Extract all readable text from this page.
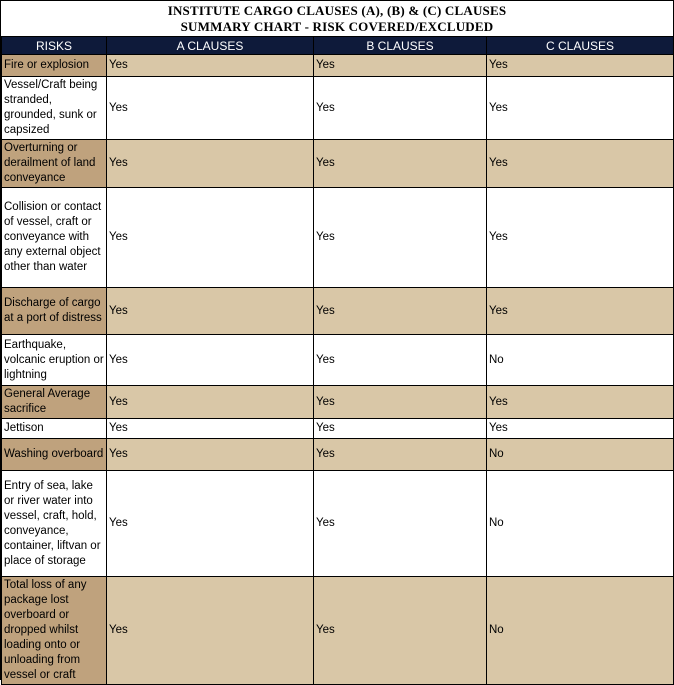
INSTITUTE CARGO CLAUSES (A), (B) & (C) CLAUSES
SUMMARY CHART - RISK COVERED/EXCLUDED
RISKS	A CLAUSES	B CLAUSES	C CLAUSES
Fire or explosion	Yes	Yes	Yes
Vessel/Craft being stranded, grounded, sunk or capsized	Yes	Yes	Yes
Overturning or derailment of land conveyance	Yes	Yes	Yes
Collision or contact of vessel, craft or conveyance with any external object other than water	Yes	Yes	Yes
Discharge of cargo at a port of distress	Yes	Yes	Yes
Earthquake, volcanic eruption or lightning	Yes	Yes	No
General Average sacrifice	Yes	Yes	Yes
Jettison	Yes	Yes	Yes
Washing overboard	Yes	Yes	No
Entry of sea, lake or river water into vessel, craft, hold, conveyance, container, liftvan or place of storage	Yes	Yes	No
Total loss of any package lost overboard or dropped whilst loading onto or unloading from vessel or craft	Yes	Yes	No
